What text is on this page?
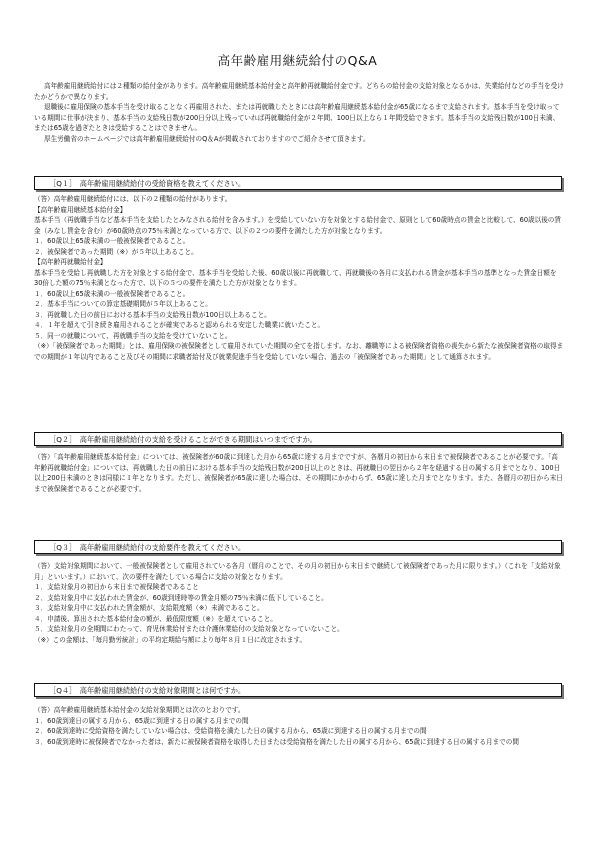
高年齢雇用継続給付のQ&A

高年齢雇用継続給付には２種類の給付金があります。高年齢雇用継続基本給付金と高年齢再就職給付金です。どちらの給付金の支給対象となるかは、失業給付などの手当を受けたかどうかで異なります。

退職後に雇用保険の基本手当を受け取ることなく再雇用された、または再就職したときには高年齢雇用継続基本給付金が65歳になるまで支給されます。基本手当を受け取っている期間に仕事が決まり、基本手当の支給残日数が200日分以上残っていれば再就職給付金が２年間、100日以上なら１年間受給できます。基本手当の支給残日数が100日未満、または65歳を過ぎたときは受給することはできません。

厚生労働省のホームページでは高年齢雇用継続給付のQ＆Aが掲載されておりますのでご紹介させて頂きます。

［Q１］　高年齢雇用継続給付の受給資格を教えてください。
（答）高年齢雇用継続給付には、以下の２種類の給付があります。
【高年齢雇用継続基本給付金】
基本手当（再就職手当など基本手当を支給したとみなされる給付を含みます。）を受給していない方を対象とする給付金で、原則として60歳時点の賃金と比較して、60歳以後の賃金（みなし賃金を含む）が60歳時点の75％未満となっている方で、以下の２つの要件を満たした方が対象となります。
１．60歳以上65歳未満の一般被保険者であること。
２．被保険者であった期間（※）が５年以上あること。
【高年齢再就職給付金】
基本手当を受給し再就職した方を対象とする給付金で、基本手当を受給した後、60歳以後に再就職して、再就職後の各月に支払われる賃金が基本手当の基準となった賃金日額を30倍した額の75％未満となった方で、以下の５つの要件を満たした方が対象となります。
１．60歳以上65歳未満の一般被保険者であること。
２．基本手当についての算定基礎期間が５年以上あること。
３．再就職した日の前日における基本手当の支給残日数が100日以上あること。
４．１年を超えて引き続き雇用されることが確実であると認められる安定した職業に就いたこと。
５．同一の就職について、再就職手当の支給を受けていないこと。
（※）「被保険者であった期間」とは、雇用保険の被保険者として雇用されていた期間の全てを指します。なお、離職等による被保険者資格の喪失から新たな被保険者資格の取得までの期間が１年以内であること及びその期間に求職者給付及び就業促進手当を受給していない場合、過去の「被保険者であった期間」として通算されます。
［Q２］　高年齢雇用継続給付の支給を受けることができる期間はいつまでですか。
（答）「高年齢雇用継続基本給付金」については、被保険者が60歳に到達した月から65歳に達する月までですが、各暦月の初日から末日まで被保険者であることが必要です。「高年齢再就職給付金」については、再就職した日の前日における基本手当の支給残日数が200日以上のときは、再就職日の翌日から２年を経過する日の属する月までとなり、100日以上200日未満のときは同様に１年となります。ただし、被保険者が65歳に達した場合は、その期間にかかわらず、65歳に達した月までとなります。また、各暦月の初日から末日まで被保険者であることが必要です。
［Q３］　高年齢雇用継続給付の支給要件を教えてください。
（答）支給対象期間において、一般被保険者として雇用されている各月（暦月のことで、その月の初日から末日まで継続して被保険者であった月に限ります。）（これを「支給対象月」といいます。）において、次の要件を満たしている場合に支給の対象となります。
１．支給対象月の初日から末日まで被保険者であること
２．支給対象月中に支払われた賃金が、60歳到達時等の賃金月額の75％未満に低下していること。
３．支給対象月中に支払われた賃金額が、支給限度額（※）未満であること。
４．申請後、算出された基本給付金の額が、最低限度額（※）を超えていること。
５．支給対象月の全期間にわたって、育児休業給付または介護休業給付の支給対象となっていないこと。
（※）この金額は、「毎月勤労統計」の平均定期給与額により毎年８月１日に改定されます。
［Q４］　高年齢雇用継続給付の支給対象期間とは何ですか。
（答）高年齢雇用継続基本給付金の支給対象期間とは次のとおりです。
１．60歳到達日の属する月から、65歳に到達する日の属する月までの間
２．60歳到達時に受給資格を満たしていない場合は、受給資格を満たした日の属する月から、65歳に到達する日の属する月までの間
３．60歳到達時に被保険者でなかった者は、新たに被保険者資格を取得した日または受給資格を満たした日の属する月から、65歳に到達する日の属する月までの間
